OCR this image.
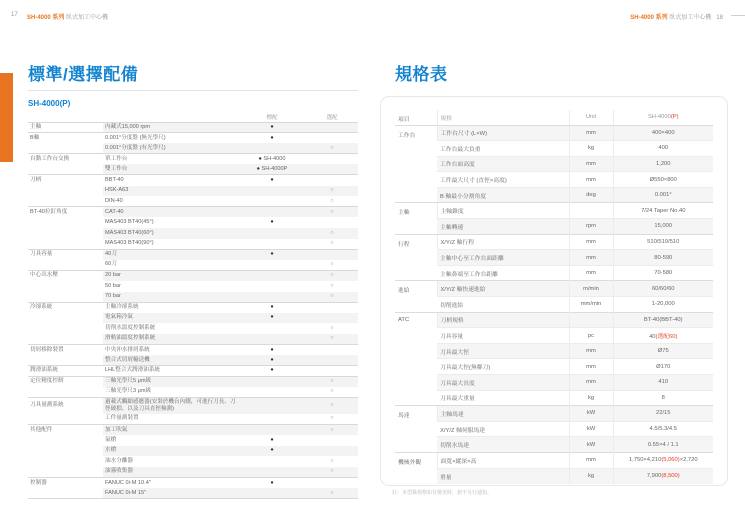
17 SH-4000 系列 臥式加工中心機	SH-4000 系列 臥式加工中心機 18
標準/選擇配備
SH-4000(P)
		標配	選配
主軸	內藏式15,000 rpm	●	
B軸	0.001°分度盤 (無光學尺)	●	
	0.001°分度盤 (有光學尺)		○
自動工作台交換	單工作台	● SH-4000	
	雙工作台	● SH-4000P	
刀柄	BBT-40	●	
	HSK-A63		○
	DIN-40		○
BT-40拉釘角度	CAT-40		○
	MAS403 BT40(45°)	●	
	MAS403 BT40(60°)		○
	MAS403 BT40(90°)		○
刀具容量	40刀	●	
	60刀		○
中心出水壓	20 bar		○
	50 bar		○
	70 bar		○
冷卻系統	主軸冷卻系統	●	
	電氣箱冷氣	●	
	切削水溫度控制系統		○
	滑軌油溫度控制系統		○
切屑移除裝置	中央沖水排屑系統	●	
	整合式切屑輸送機	●	
潤滑油系統	LHL整合式潤滑油系統	●	
定位精度控制	三軸光學尺5 μm級		○
	三軸光學尺3 μm級		○
刀具量測系統	過載式觸縮感應器(安裝於機台內側，可進行刀長、刀徑破損、以及刀具直徑檢測)		○
	工件量測裝置		○
其他配件	加工吹氣		○
	氣槍	●	
	水槍	●	
	油水分離器		○
	油霧收集器		○
控制器	FANUC 0i-M 10.4"	●	
	FANUC 0i-M 15"		○
規格表
項目	規格	Unit	SH-4000(P)
工作台	工作台尺寸 (L×W)	mm	400×400
	工作台最大負重	kg	400
	工作台面高度	mm	1,200
	工件最大尺寸 (直徑×高度)	mm	Ø550×800
	B 軸最小分割角度	deg	0.001°
主軸	主軸錐度		7/24 Taper No.40
	主軸轉速	rpm	15,000
行程	X/Y/Z 軸行程	mm	510/510/510
	主軸中心至工作台面距離	mm	80-590
	主軸鼻端至工作台距離	mm	70-580
進給	X/Y/Z 軸快速進給	m/min	60/60/60
	切削進給	mm/min	1-20,000
ATC	刀柄規格		BT-40(BBT-40)
	刀具容量	pc	40(選配60)
	刀具最大徑	mm	Ø75
	刀具最大徑(無鄰刀)	mm	Ø170
	刀具最大長度	mm	410
	刀具最大重量	kg	8
馬達	主軸馬達	kW	22/15
	X/Y/Z 軸伺服馬達	kW	4.5/5.3/4.5
	切削水馬達	kW	0.55×4 / 1.1
機械外觀	面寬×縱深×高	mm	1,750×4,210(5,060)×2,720
	重量	kg	7,900(8,500)
註：本型錄規格如有變更時，恕不另行通知。
